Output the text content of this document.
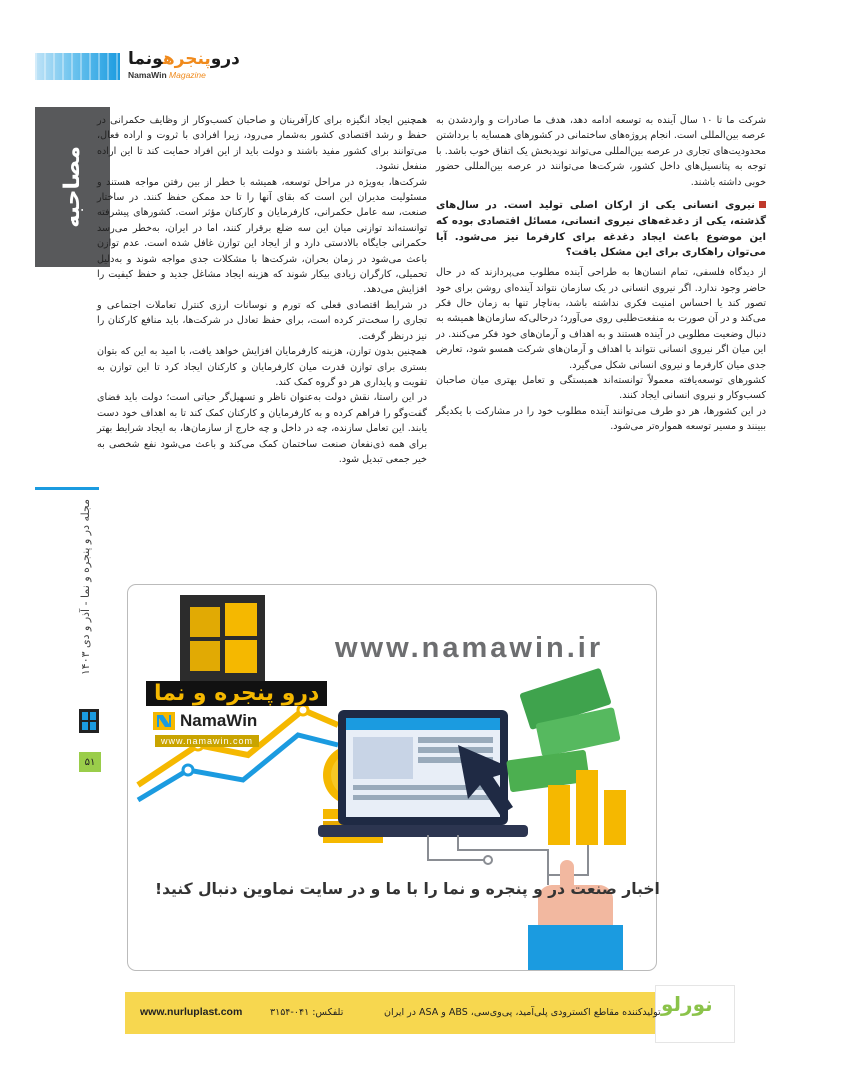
دروپنجرهونما
NamaWin Magazine
مصاحبه
مجله در و پنجره و نما - آذر و دی ۱۴۰۳
۵۱

شرکت ما تا ۱۰ سال آینده به توسعه ادامه دهد، هدف ما صادرات و واردشدن به عرصه بین‌المللی است. انجام پروژه‌های ساختمانی در کشورهای همسایه با برداشتن محدودیت‌های تجاری در عرصه بین‌المللی می‌تواند نویدبخش یک اتفاق خوب باشد. با توجه به پتانسیل‌های داخل کشور، شرکت‌ها می‌توانند در عرصه بین‌المللی حضور خوبی داشته باشند.

نیروی انسانی یکی از ارکان اصلی تولید است. در سال‌های گذشته، یکی از دغدغه‌های نیروی انسانی، مسائل اقتصادی بوده که این موضوع باعث ایجاد دغدغه برای کارفرما نیز می‌شود. آیا می‌توان راهکاری برای این مشکل یافت؟

از دیدگاه فلسفی، تمام انسان‌ها به طراحی آینده مطلوب می‌پردازند که در حال حاضر وجود ندارد. اگر نیروی انسانی در یک سازمان نتواند آینده‌ای روشن برای خود تصور کند یا احساس امنیت فکری نداشته باشد، به‌ناچار تنها به زمان حال فکر می‌کند و در آن صورت به منفعت‌طلبی روی می‌آورد؛ درحالی‌که سازمان‌ها همیشه به دنبال وضعیت مطلوبی در آینده هستند و به اهداف و آرمان‌های خود فکر می‌کنند. در این میان اگر نیروی انسانی نتواند با اهداف و آرمان‌های شرکت همسو شود، تعارض جدی میان کارفرما و نیروی انسانی شکل می‌گیرد.

کشورهای توسعه‌یافته معمولاً توانسته‌اند همبستگی و تعامل بهتری میان صاحبان کسب‌وکار و نیروی انسانی ایجاد کنند.

در این کشورها، هر دو طرف می‌توانند آینده مطلوب خود را در مشارکت با یکدیگر ببینند و مسیر توسعه همواره‌تر می‌شود.

همچنین ایجاد انگیزه برای کارآفرینان و صاحبان کسب‌وکار از وظایف حکمرانی در حفظ و رشد اقتصادی کشور به‌شمار می‌رود، زیرا افرادی با ثروت و اراده فعال، می‌توانند برای کشور مفید باشند و دولت باید از این افراد حمایت کند تا این اراده منفعل نشود.

شرکت‌ها، به‌ویژه در مراحل توسعه، همیشه با خطر از بین رفتن مواجه هستند و مسئولیت مدیران این است که بقای آنها را تا حد ممکن حفظ کنند. در ساختار صنعت، سه عامل حکمرانی، کارفرمایان و کارکنان مؤثر است. کشورهای پیشرفته توانسته‌اند توازنی میان این سه ضلع برقرار کنند، اما در ایران، به‌خطر می‌رسد حکمرانی جایگاه بالادستی دارد و از ایجاد این توازن غافل شده است. عدم توازن باعث می‌شود در زمان بحران، شرکت‌ها با مشکلات جدی مواجه شوند و به‌دلیل تحمیلی، کارگران زیادی بیکار شوند که هزینه ایجاد مشاغل جدید و حفظ کیفیت را افزایش می‌دهد.

در شرایط اقتصادی فعلی که تورم و نوسانات ارزی کنترل تعاملات اجتماعی و تجاری را سخت‌تر کرده است، برای حفظ تعادل در شرکت‌ها، باید منافع کارکنان را نیز درنظر گرفت.

همچنین بدون توازن، هزینه کارفرمایان افزایش خواهد یافت، با امید به این که بتوان بستری برای توازن قدرت میان کارفرمایان و کارکنان ایجاد کرد تا این توازن به تقویت و پایداری هر دو گروه کمک کند.

در این راستا، نقش دولت به‌عنوان ناظر و تسهیل‌گر حیاتی است؛ دولت باید فضای گفت‌وگو را فراهم کرده و به کارفرمایان و کارکنان کمک کند تا به اهداف خود دست یابند. این تعامل سازنده، چه در داخل و چه خارج از سازمان‌ها، به ایجاد شرایط بهتر برای همه ذی‌نفعان صنعت ساختمان کمک می‌کند و باعث می‌شود نفع شخصی به خیر جمعی تبدیل شود.

www.namawin.ir
درو پنجره و نما
NamaWin
www.namawin.com
اخبار صنعت در و پنجره و نما را با ما و در سایت نماوین دنبال کنید!
نورلو
www.nurluplast.com	تلفکس: ۰۴۱-۳۱۵۴	تولیدکننده مقاطع اکسترودی پلی‌آمید، پی‌وی‌سی، ABS و ASA در ایران
